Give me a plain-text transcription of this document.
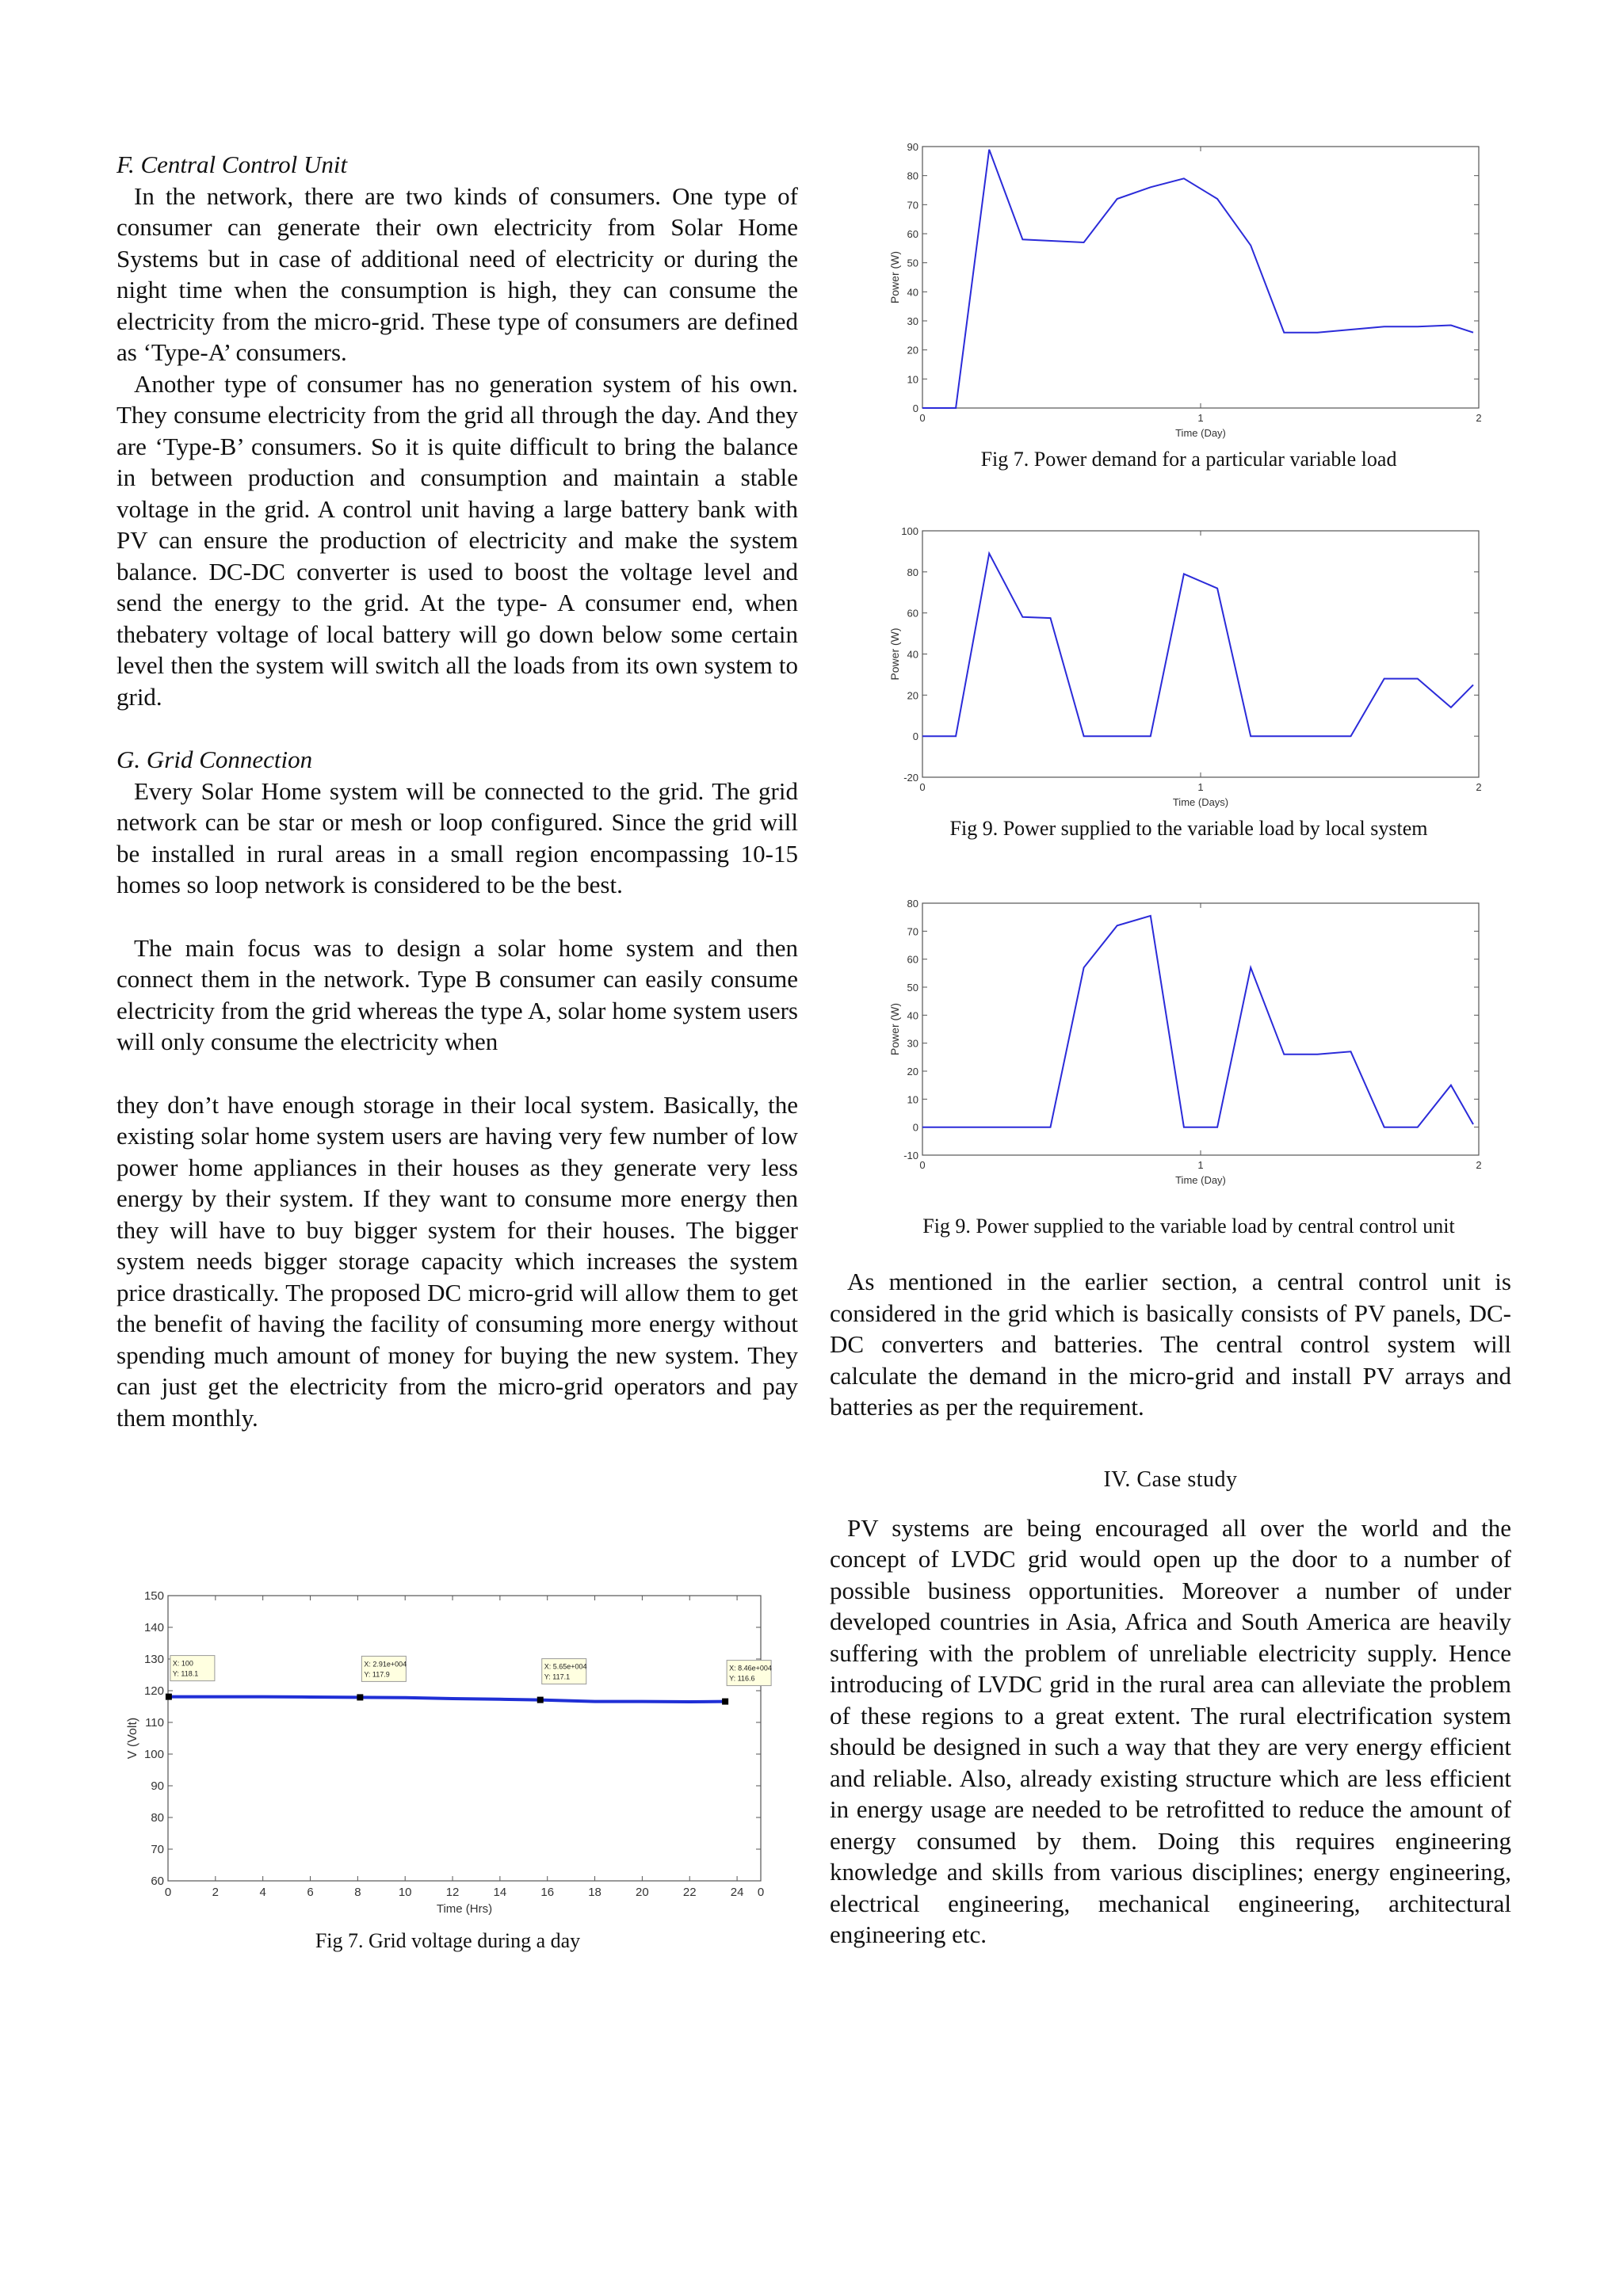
F. Central Control Unit

In the network, there are two kinds of consumers. One type of consumer can generate their own electricity from Solar Home Systems but in case of additional need of electricity or during the night time when the consumption is high, they can consume the electricity from the micro-grid. These type of consumers are defined as ‘Type-A’ consumers.

Another type of consumer has no generation system of his own. They consume electricity from the grid all through the day. And they are ‘Type-B’ consumers. So it is quite difficult to bring the balance in between production and consumption and maintain a stable voltage in the grid. A control unit having a large battery bank with PV can ensure the production of electricity and make the system balance. DC-DC converter is used to boost the voltage level and send the energy to the grid. At the type- A consumer end, when thebatery voltage of local battery will go down below some certain level then the system will switch all the loads from its own system to grid.

G. Grid Connection

Every Solar Home system will be connected to the grid. The grid network can be star or mesh or loop configured. Since the grid will be installed in rural areas in a small region encompassing 10-15 homes so loop network is considered to be the best.

The main focus was to design a solar home system and then connect them in the network. Type B consumer can easily consume electricity from the grid whereas the type A, solar home system users will only consume the electricity when

they don’t have enough storage in their local system. Basically, the existing solar home system users are having very few number of low power home appliances in their houses as they generate very less energy by their system. If they want to consume more energy then they will have to buy bigger system for their houses. The bigger system needs bigger storage capacity which increases the system price drastically. The proposed DC micro-grid will allow them to get the benefit of having the facility of consuming more energy without spending much amount of money for buying the new system. They can just get the electricity from the micro-grid operators and pay them monthly.

As mentioned in the earlier section, a central control unit is considered in the grid which is basically consists of PV panels, DC-DC converters and batteries. The central control system will calculate the demand in the micro-grid and install PV arrays and batteries as per the requirement.

IV. Case study

PV systems are being encouraged all over the world and the concept of LVDC grid would open up the door to a number of possible business opportunities. Moreover a number of under developed countries in Asia, Africa and South America are heavily suffering with the problem of unreliable electricity supply. Hence introducing of LVDC grid in the rural area can alleviate the problem of these regions to a great extent. The rural electrification system should be designed in such a way that they are very energy efficient and reliable. Also, already existing structure which are less efficient in energy usage are needed to be retrofitted to reduce the amount of energy consumed by them. Doing this requires engineering knowledge and skills from various disciplines; energy engineering, electrical engineering, mechanical engineering, architectural engineering etc.

0
10
20
30
40
50
60
70
80
90
0	1	2
Time (Day)
Power (W)
Fig 7. Power demand for a particular variable load
-20
0
20
40
60
80
100
0	1	2
Time (Days)
Power (W)
Fig 9. Power supplied to the variable load by local system
-10
0
10
20
30
40
50
60
70
80
0	1	2
Time (Day)
Power (W)
Fig 9. Power supplied to the variable load by central control unit
60
70
80
90
100
110
120
130
140
150
0	2	4	6	8	10	12	14	16	18	20	22	24 0
Time (Hrs)
V (Volt)
X: 100
Y: 118.1
X: 2.91e+004
Y: 117.9
X: 5.65e+004
Y: 117.1
X: 8.46e+004
Y: 116.6
Fig 7. Grid voltage during a day
